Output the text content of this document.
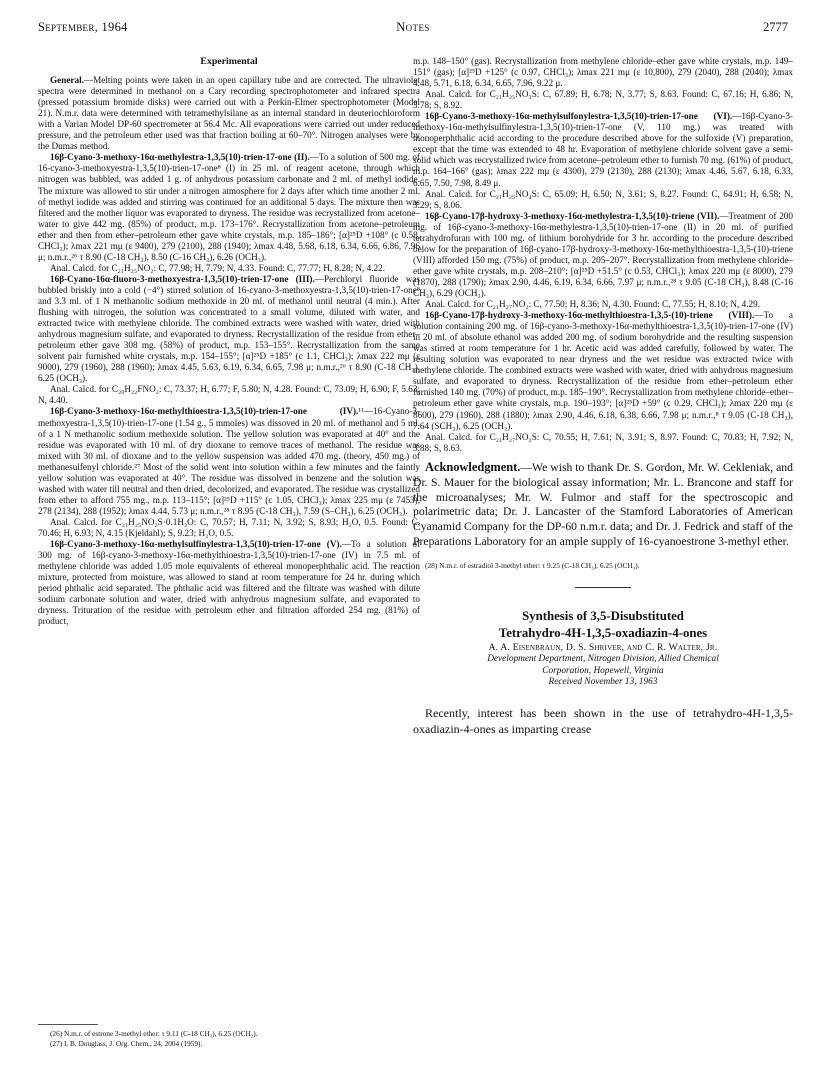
September, 1964	Notes	2777
Experimental

General.—Melting points were taken in an open capillary tube and are corrected. The ultraviolet spectra were determined in methanol on a Cary recording spectrophotometer and infrared spectra (pressed potassium bromide disks) were carried out with a Perkin-Elmer spectrophotometer (Model 21). N.m.r. data were determined with tetramethylsilane as an internal standard in deuteriochloroform with a Varian Model DP-60 spectrometer at 56.4 Mc. All evaporations were carried out under reduced pressure, and the petroleum ether used was that fraction boiling at 60–70°. Nitrogen analyses were by the Dumas method.

16β-Cyano-3-methoxy-16α-methylestra-1,3,5(10)-trien-17-one (II).—To a solution of 500 mg. of 16-cyano-3-methoxyestra-1,3,5(10)-trien-17-one⁸ (I) in 25 ml. of reagent acetone, through which nitrogen was bubbled, was added 1 g. of anhydrous potassium carbonate and 2 ml. of methyl iodide. The mixture was allowed to stir under a nitrogen atmosphere for 2 days after which time another 2 ml. of methyl iodide was added and stirring was continued for an additional 5 days. The mixture then was filtered and the mother liquor was evaporated to dryness. The residue was recrystallized from acetone–water to give 442 mg. (85%) of product, m.p. 173–176°. Recrystallization from acetone–petroleum ether and then from ether–petroleum ether gave white crystals, m.p. 185–186°; [α]²⁵D +108° (c 0.58, CHCl₃); λmax 221 mμ (ε 9400), 279 (2100), 288 (1940); λmax 4.48, 5.68, 6.18, 6.34, 6.66, 6.86, 7.96 μ; n.m.r.,²⁶ τ 8.90 (C-18 CH₃), 8.50 (C-16 CH₃), 6.26 (OCH₃).

Anal. Calcd. for C₂₁H₂₅NO₂: C, 77.98; H, 7.79; N, 4.33. Found: C, 77.77; H, 8.28; N, 4.22.

16β-Cyano-16α-fluoro-3-methoxyestra-1,3,5(10)-trien-17-one (III).—Perchloryl fluoride was bubbled briskly into a cold (−4°) stirred solution of 16-cyano-3-methoxyestra-1,3,5(10)-trien-17-one⁸ and 3.3 ml. of 1 N methanolic sodium methoxide in 20 ml. of methanol until neutral (4 min.). After flushing with nitrogen, the solution was concentrated to a small volume, diluted with water, and extracted twice with methylene chloride. The combined extracts were washed with water, dried with anhydrous magnesium sulfate, and evaporated to dryness. Recrystallization of the residue from ether–petroleum ether gave 308 mg. (58%) of product, m.p. 153–155°. Recrystallization from the same solvent pair furnished white crystals, m.p. 154–155°; [α]²⁵D +185° (c 1.1, CHCl₃); λmax 222 mμ (ε 9000), 279 (1960), 288 (1960); λmax 4.45, 5.63, 6.19, 6.34, 6.65, 7.98 μ; n.m.r.,²⁶ τ 8.90 (C-18 CH₃), 6.25 (OCH₃).

Anal. Calcd. for C₂₀H₂₂FNO₂: C, 73.37; H, 6.77; F, 5.80; N, 4.28. Found: C, 73.09; H, 6.90; F, 5.63; N, 4.40.

16β-Cyano-3-methoxy-16α-methylthioestra-1,3,5(10)-trien-17-one (IV).¹¹—16-Cyano-3-methoxyestra-1,3,5(10)-trien-17-one (1.54 g., 5 mmoles) was dissoved in 20 ml. of methanol and 5 ml. of a 1 N methanolic sodium methoxide solution. The yellow solution was evaporated at 40° and the residue was evaporated with 10 ml. of dry dioxane to remove traces of methanol. The residue was mixed with 30 ml. of dioxane and to the yellow suspension was added 470 mg. (theory, 450 mg.) of methanesulfenyl chloride.²⁷ Most of the solid went into solution within a few minutes and the faintly yellow solution was evaporated at 40°. The residue was dissolved in benzene and the solution was washed with water till neutral and then dried, decolorized, and evaporated. The residue was crystallized from ether to afford 755 mg., m.p. 113–115°; [α]²⁵D +115° (c 1.05, CHCl₃); λmax 225 mμ (ε 7453), 278 (2134), 288 (1952); λmax 4.44, 5.73 μ; n.m.r.,²⁸ τ 8.95 (C-18 CH₃), 7.59 (S–CH₃), 6.25 (OCH₃).

Anal. Calcd. for C₂₁H₂₅NO₂S·0.1H₂O: C, 70.57; H, 7.11; N, 3.92; S, 8.93; H₂O, 0.5. Found: C, 70.46; H, 6.93; N, 4.15 (Kjeldahl); S, 9.23; H₂O, 0.5.

16β-Cyano-3-methoxy-16α-methylsulfinylestra-1,3,5(10)-trien-17-one (V).—To a solution of 300 mg. of 16β-cyano-3-methoxy-16α-methylthioestra-1,3,5(10)-trien-17-one (IV) in 7.5 ml. of methylene chloride was added 1.05 mole equivalents of ethereal monoperphthalic acid. The reaction mixture, protected from moisture, was allowed to stand at room temperature for 24 hr. during which period phthalic acid separated. The phthalic acid was filtered and the filtrate was washed with dilute sodium carbonate solution and water, dried with anhydrous magnesium sulfate, and evaporated to dryness. Trituration of the residue with petroleum ether and filtration afforded 254 mg. (81%) of product,

m.p. 148–150° (gas). Recrystallization from methylene chloride–ether gave white crystals, m.p. 149–151° (gas); [α]²⁵D +125° (c 0.97, CHCl₃); λmax 221 mμ (ε 10,800), 279 (2040), 288 (2040); λmax 4.48, 5.71, 6.18, 6.34, 6.65, 7.96, 9.22 μ.

Anal. Calcd. for C₂₁H₂₅NO₃S: C, 67.89; H, 6.78; N, 3.77; S, 8.63. Found: C, 67.16; H, 6.86; N, 3.78; S, 8.92.

16β-Cyano-3-methoxy-16α-methylsulfonylestra-1,3,5(10)-trien-17-one (VI).—16β-Cyano-3-methoxy-16α-methylsulfinylestra-1,3,5(10)-trien-17-one (V, 110 mg.) was treated with monoperphthalic acid according to the procedure described above for the sulfoxide (V) preparation, except that the time was extended to 48 hr. Evaporation of methylene chloride solvent gave a semi-solid which was recrystallized twice from acetone–petroleum ether to furnish 70 mg. (61%) of product, m.p. 164–166° (gas); λmax 222 mμ (ε 4300), 279 (2130), 288 (2130); λmax 4.46, 5.67, 6.18, 6.33, 6.65, 7.50, 7.98, 8.49 μ.

Anal. Calcd. for C₂₁H₂₅NO₄S: C, 65.09; H, 6.50; N, 3.61; S, 8.27. Found: C, 64.91; H, 6.58; N, 3.29; S, 8.06.

16β-Cyano-17β-hydroxy-3-methoxy-16α-methylestra-1,3,5(10)-triene (VII).—Treatment of 200 mg. of 16β-cyano-3-methoxy-16α-methylestra-1,3,5(10)-trien-17-one (II) in 20 ml. of purified tetrahydrofuran with 100 mg. of lithium borohydride for 3 hr. according to the procedure described below for the preparation of 16β-cyano-17β-hydroxy-3-methoxy-16α-methylthioestra-1,3,5-(10)-triene (VIII) afforded 150 mg. (75%) of product, m.p. 205–207°. Recrystallization from methylene chloride–ether gave white crystals, m.p. 208–210°; [α]²⁵D +51.5° (c 0.53, CHCl₃); λmax 220 mμ (ε 8000), 279 (1870), 288 (1790); λmax 2.90, 4.46, 6.19, 6.34, 6.66, 7.97 μ; n.m.r.,²⁸ τ 9.05 (C-18 CH₃), 8.48 (C-16 CH₃), 6.29 (OCH₃).

Anal. Calcd. for C₂₁H₂₇NO₂: C, 77.50; H, 8.36; N, 4.30. Found: C, 77.55; H, 8.10; N, 4.29.

16β-Cyano-17β-hydroxy-3-methoxy-16α-methylthioestra-1,3,5-(10)-triene (VIII).—To a solution containing 200 mg. of 16β-cyano-3-methoxy-16α-methylthioestra-1,3,5(10)-trien-17-one (IV) in 20 ml. of absolute ethanol was added 200 mg. of sodium borohydride and the resulting suspension was stirred at room temperature for 1 hr. Acetic acid was added carefully, followed by water. The resulting solution was evaporated to near dryness and the wet residue was extracted twice with methylene chloride. The combined extracts were washed with water, dried with anhydrous magnesium sulfate, and evaporated to dryness. Recrystallization of the residue from ether–petroleum ether furnished 140 mg. (70%) of product, m.p. 185–190°. Recrystallization from methylene chloride–ether–petroleum ether gave white crystals, m.p. 190–193°; [α]²⁵D +59° (c 0.29, CHCl₃); λmax 220 mμ (ε 8600), 279 (1960), 288 (1880); λmax 2.90, 4.46, 6.18, 6.38, 6.66, 7.98 μ; n.m.r.,⁸ τ 9.05 (C-18 CH₃), 7.64 (SCH₃), 6.25 (OCH₃).

Anal. Calcd. for C₂₁H₂₇NO₂S: C, 70.55; H, 7.61; N, 3.91; S, 8.97. Found: C, 70.83; H, 7.92; N, 3.88; S, 8.63.

Acknowledgment.—We wish to thank Dr. S. Gordon, Mr. W. Cekleniak, and Dr. S. Mauer for the biological assay information; Mr. L. Brancone and staff for the microanalyses; Mr. W. Fulmor and staff for the spectroscopic and polarimetric data; Dr. J. Lancaster of the Stamford Laboratories of American Cyanamid Company for the DP-60 n.m.r. data; and Dr. J. Fedrick and staff of the Preparations Laboratory for an ample supply of 16-cyanoestrone 3-methyl ether.

(28) N.m.r. of estradiol 3-methyl ether: τ 9.25 (C-18 CH₃), 6.25 (OCH₃).

Synthesis of 3,5-Disubstituted

Tetrahydro-4H-1,3,5-oxadiazin-4-ones

A. A. Eisenbraun, D. S. Shriver, and C. R. Walter, Jr.

Development Department, Nitrogen Division, Allied Chemical
Corporation, Hopewell, Virginia

Received November 13, 1963

Recently, interest has been shown in the use of tetrahydro-4H-1,3,5-oxadiazin-4-ones as imparting crease

(26) N.m.r. of estrone 3-methyl ether: τ 9.11 (C-18 CH₃), 6.25 (OCH₃).
(27) I. B. Douglass, J. Org. Chem., 24, 2004 (1959).
